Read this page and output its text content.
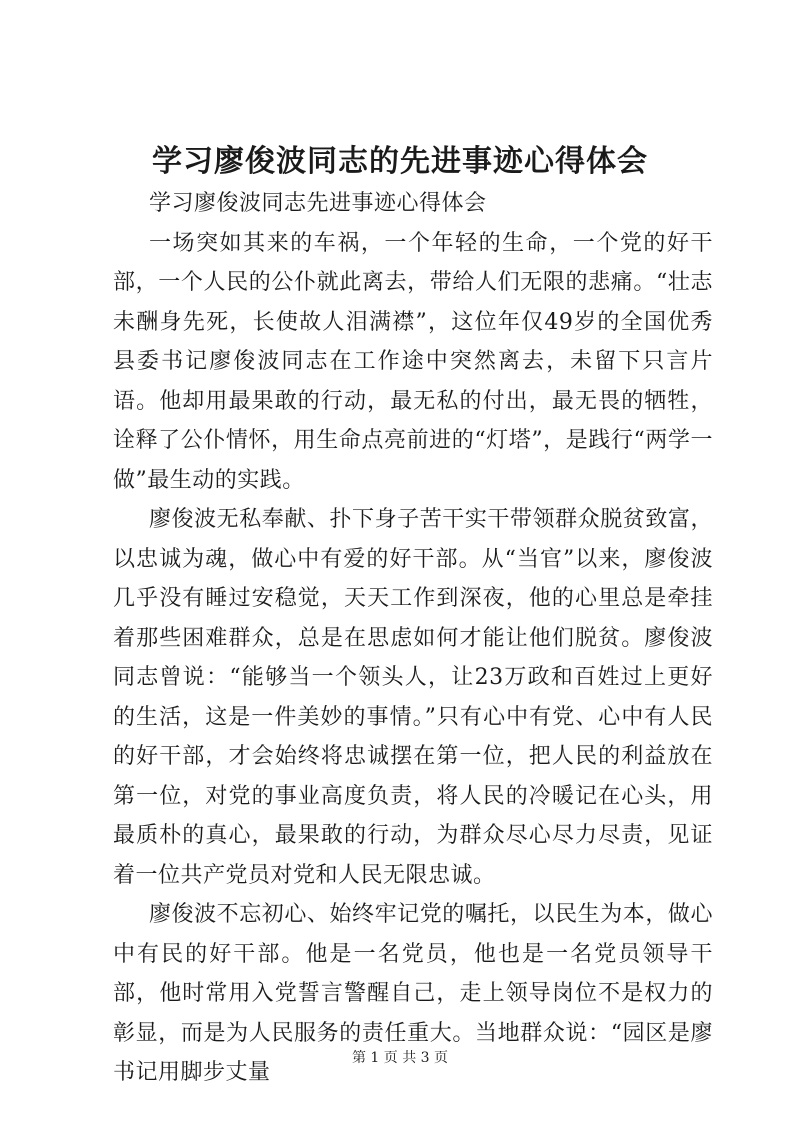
学习廖俊波同志的先进事迹心得体会

学习廖俊波同志先进事迹心得体会

一场突如其来的车祸，一个年轻的生命，一个党的好干部，一个人民的公仆就此离去，带给人们无限的悲痛。“壮志未酬身先死，长使故人泪满襟”，这位年仅49岁的全国优秀县委书记廖俊波同志在工作途中突然离去，未留下只言片语。他却用最果敢的行动，最无私的付出，最无畏的牺牲，诠释了公仆情怀，用生命点亮前进的“灯塔”，是践行“两学一做”最生动的实践。

廖俊波无私奉献、扑下身子苦干实干带领群众脱贫致富，以忠诚为魂，做心中有爱的好干部。从“当官”以来，廖俊波几乎没有睡过安稳觉，天天工作到深夜，他的心里总是牵挂着那些困难群众，总是在思虑如何才能让他们脱贫。廖俊波同志曾说：“能够当一个领头人，让23万政和百姓过上更好的生活，这是一件美妙的事情。”只有心中有党、心中有人民的好干部，才会始终将忠诚摆在第一位，把人民的利益放在第一位，对党的事业高度负责，将人民的冷暖记在心头，用最质朴的真心，最果敢的行动，为群众尽心尽力尽责，见证着一位共产党员对党和人民无限忠诚。

廖俊波不忘初心、始终牢记党的嘱托，以民生为本，做心中有民的好干部。他是一名党员，他也是一名党员领导干部，他时常用入党誓言警醒自己，走上领导岗位不是权力的彰显，而是为人民服务的责任重大。当地群众说：“园区是廖书记用脚步丈量

第 1 页 共 3 页
